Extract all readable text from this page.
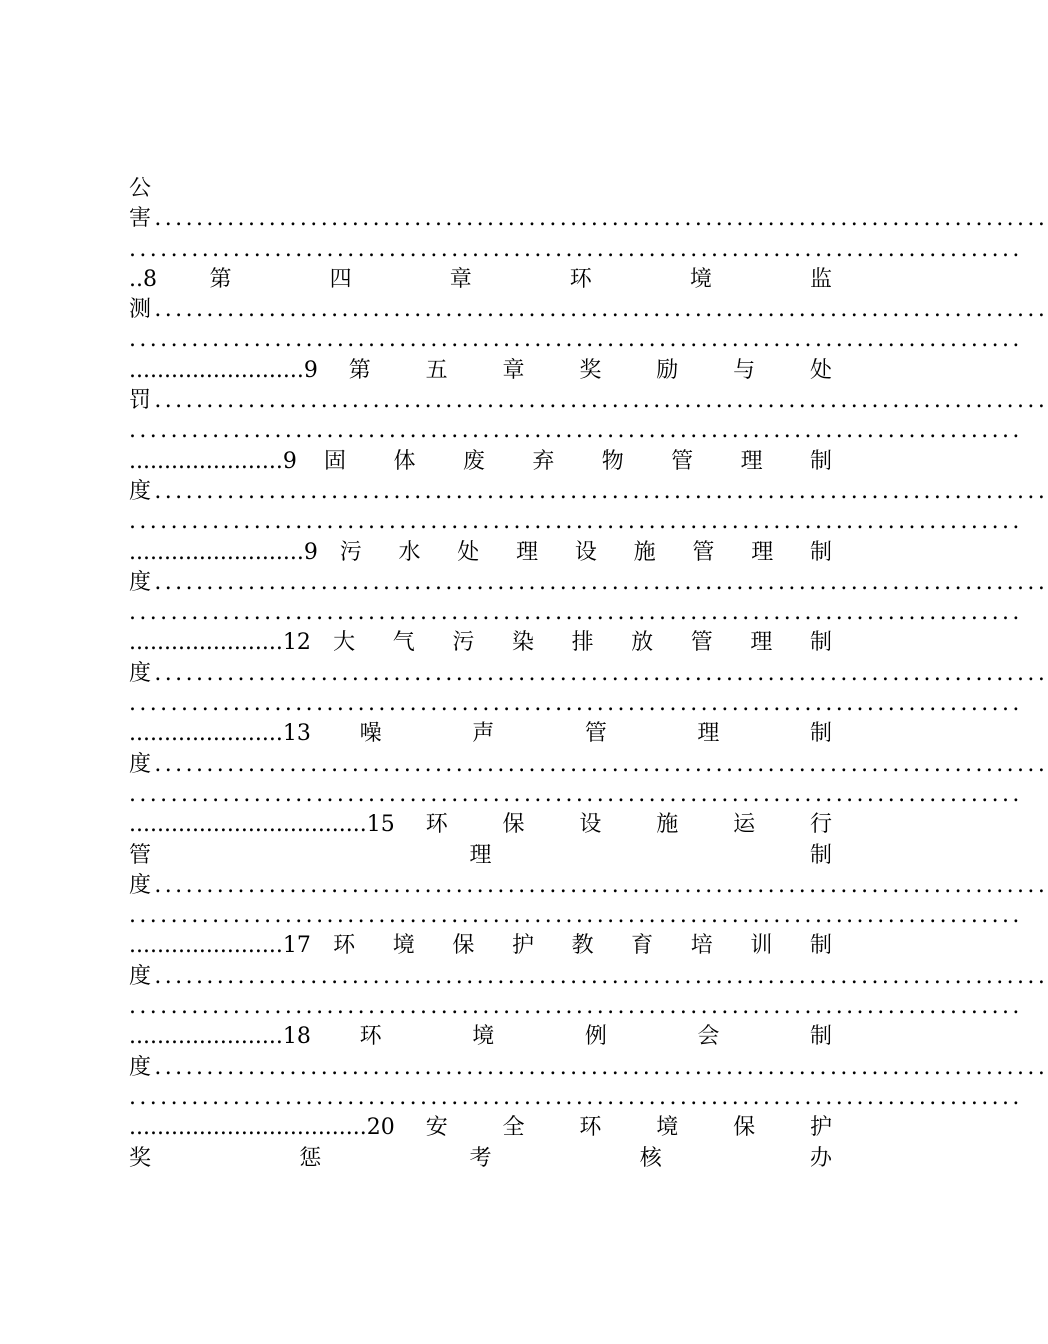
公
害......................................................................................
......................................................................................
..8 第 四 章 环 境 监
测......................................................................................
......................................................................................
.........................9 第 五 章 奖 励 与 处
罚......................................................................................
......................................................................................
......................9 固 体 废 弃 物 管 理 制
度......................................................................................
......................................................................................
.........................9 污 水 处 理 设 施 管 理 制
度......................................................................................
......................................................................................
......................12 大 气 污 染 排 放 管 理 制
度......................................................................................
......................................................................................
......................13 噪 声 管 理 制
度......................................................................................
......................................................................................
..................................15 环 保 设 施 运 行
管 理 制
度......................................................................................
......................................................................................
......................17 环 境 保 护 教 育 培 训 制
度......................................................................................
......................................................................................
......................18 环 境 例 会 制
度......................................................................................
......................................................................................
..................................20 安 全 环 境 保 护
奖 惩 考 核 办
